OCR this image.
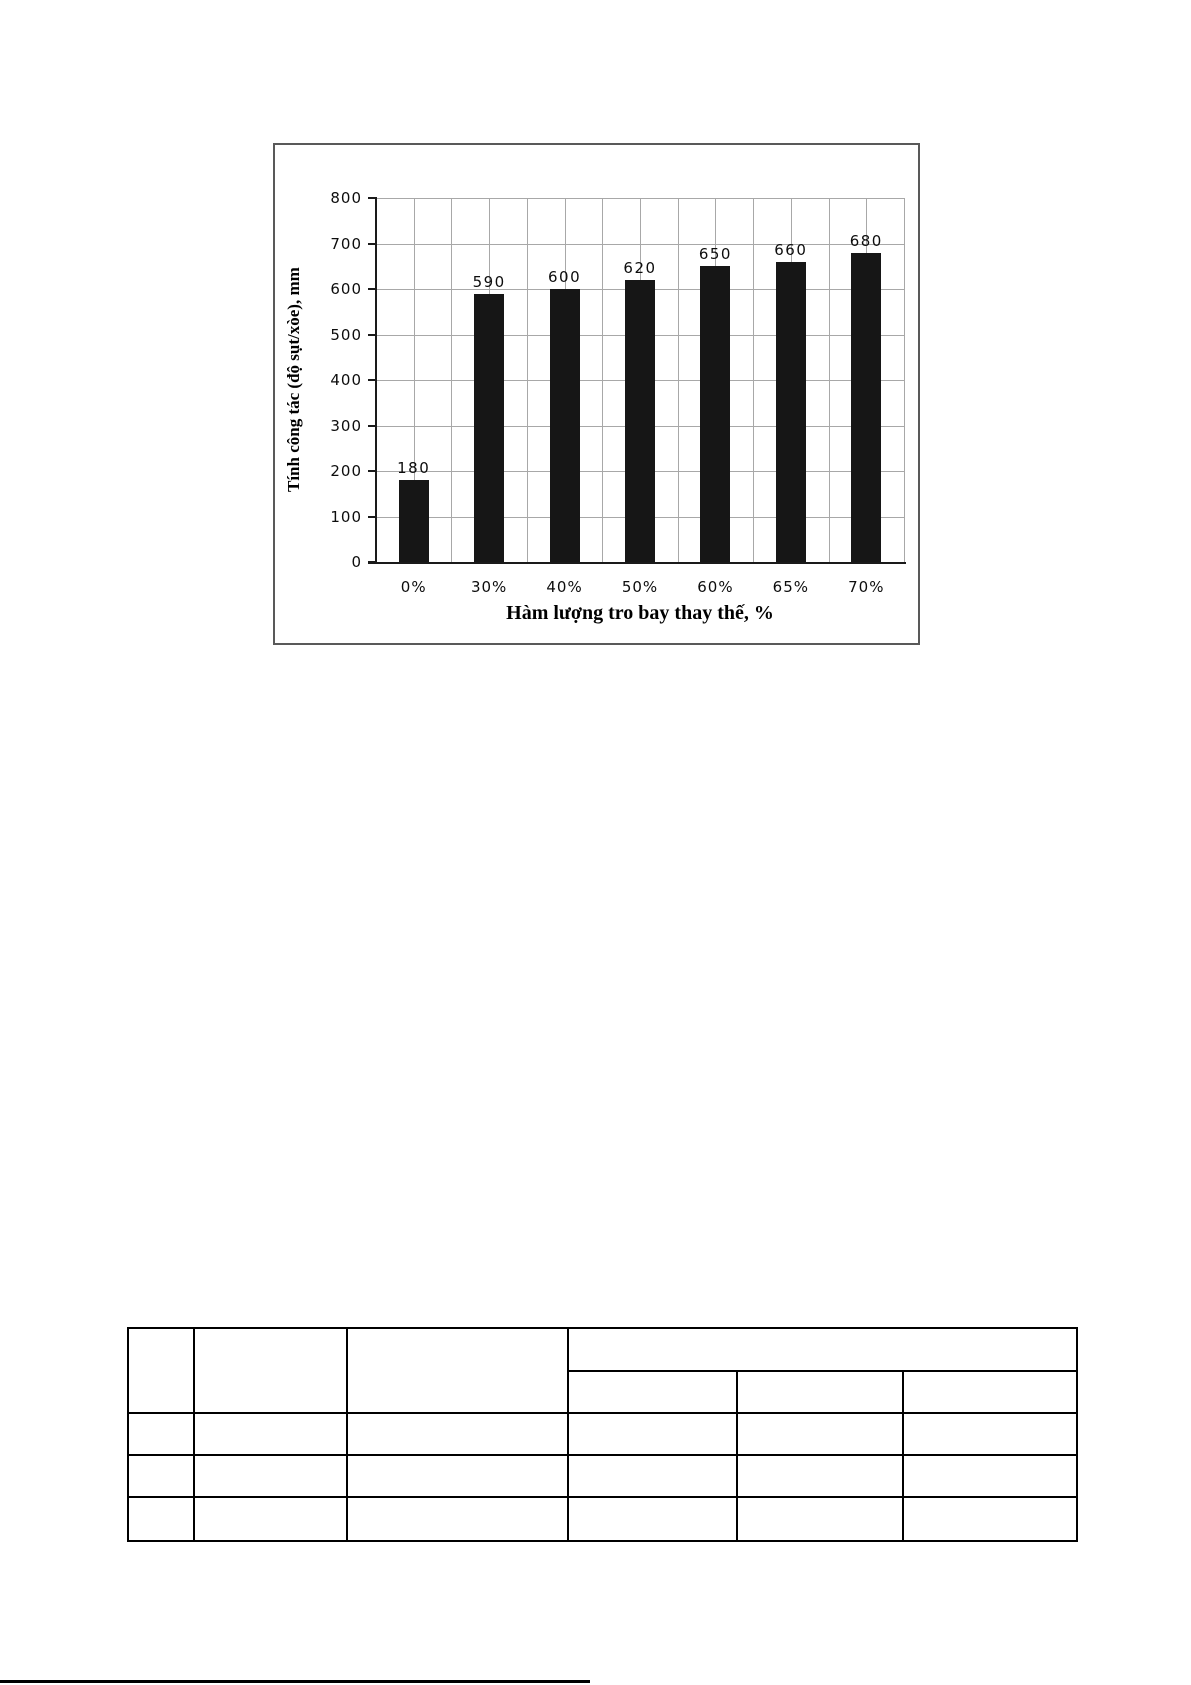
Tính công tác (độ sụt/xòe), mm
Hàm lượng tro bay thay thế, %
0
100
200
300
400
500
600
700
800
180
0%
590
30%
600
40%
620
50%
650
60%
660
65%
680
70%
